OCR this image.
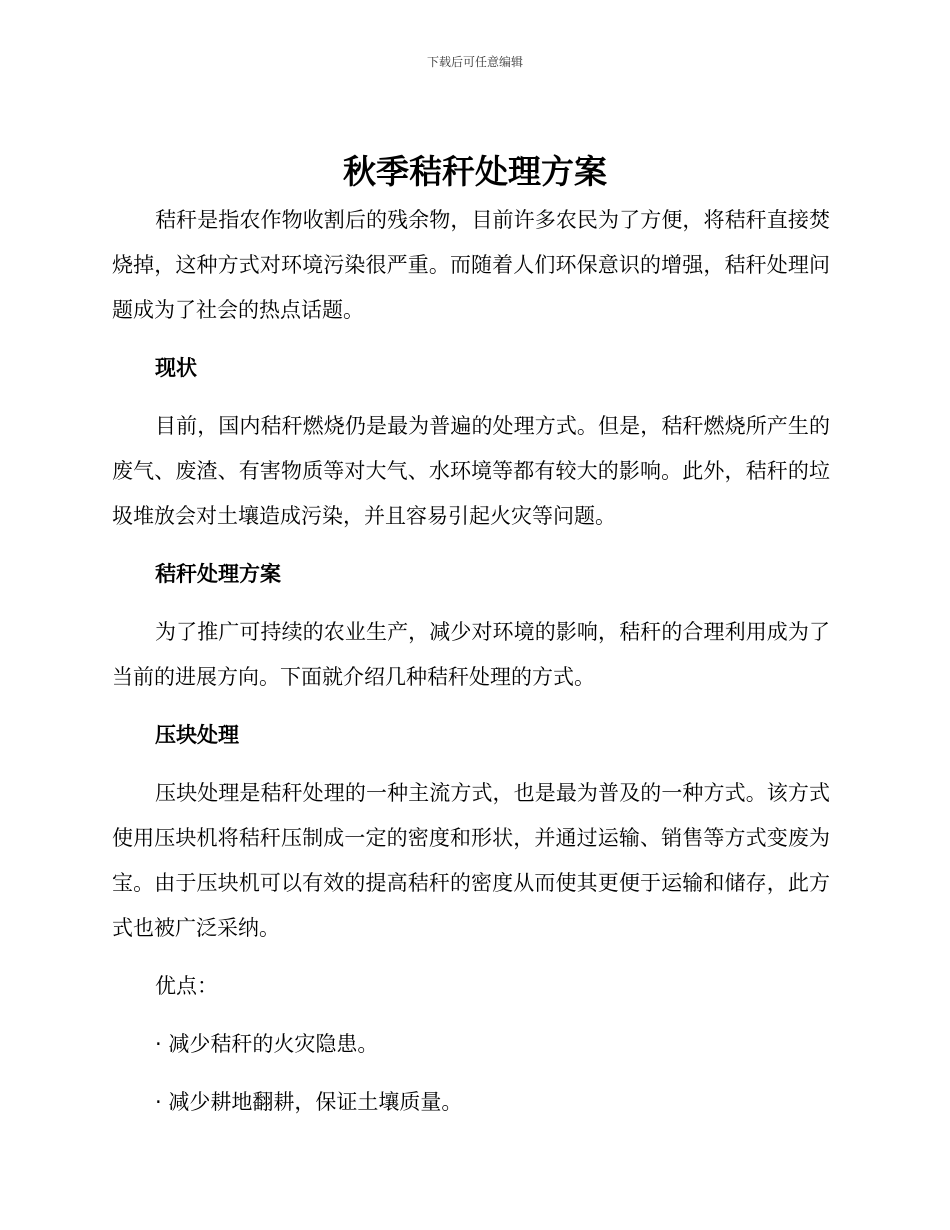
下载后可任意编辑
秋季秸秆处理方案

秸秆是指农作物收割后的残余物，目前许多农民为了方便，将秸秆直接焚烧掉，这种方式对环境污染很严重。而随着人们环保意识的增强，秸秆处理问题成为了社会的热点话题。

现状

目前，国内秸秆燃烧仍是最为普遍的处理方式。但是，秸秆燃烧所产生的废气、废渣、有害物质等对大气、水环境等都有较大的影响。此外，秸秆的垃圾堆放会对土壤造成污染，并且容易引起火灾等问题。

秸秆处理方案

为了推广可持续的农业生产，减少对环境的影响，秸秆的合理利用成为了当前的进展方向。下面就介绍几种秸秆处理的方式。

压块处理

压块处理是秸秆处理的一种主流方式，也是最为普及的一种方式。该方式使用压块机将秸秆压制成一定的密度和形状，并通过运输、销售等方式变废为宝。由于压块机可以有效的提高秸秆的密度从而使其更便于运输和储存，此方式也被广泛采纳。

优点：

· 减少秸秆的火灾隐患。

· 减少耕地翻耕，保证土壤质量。
